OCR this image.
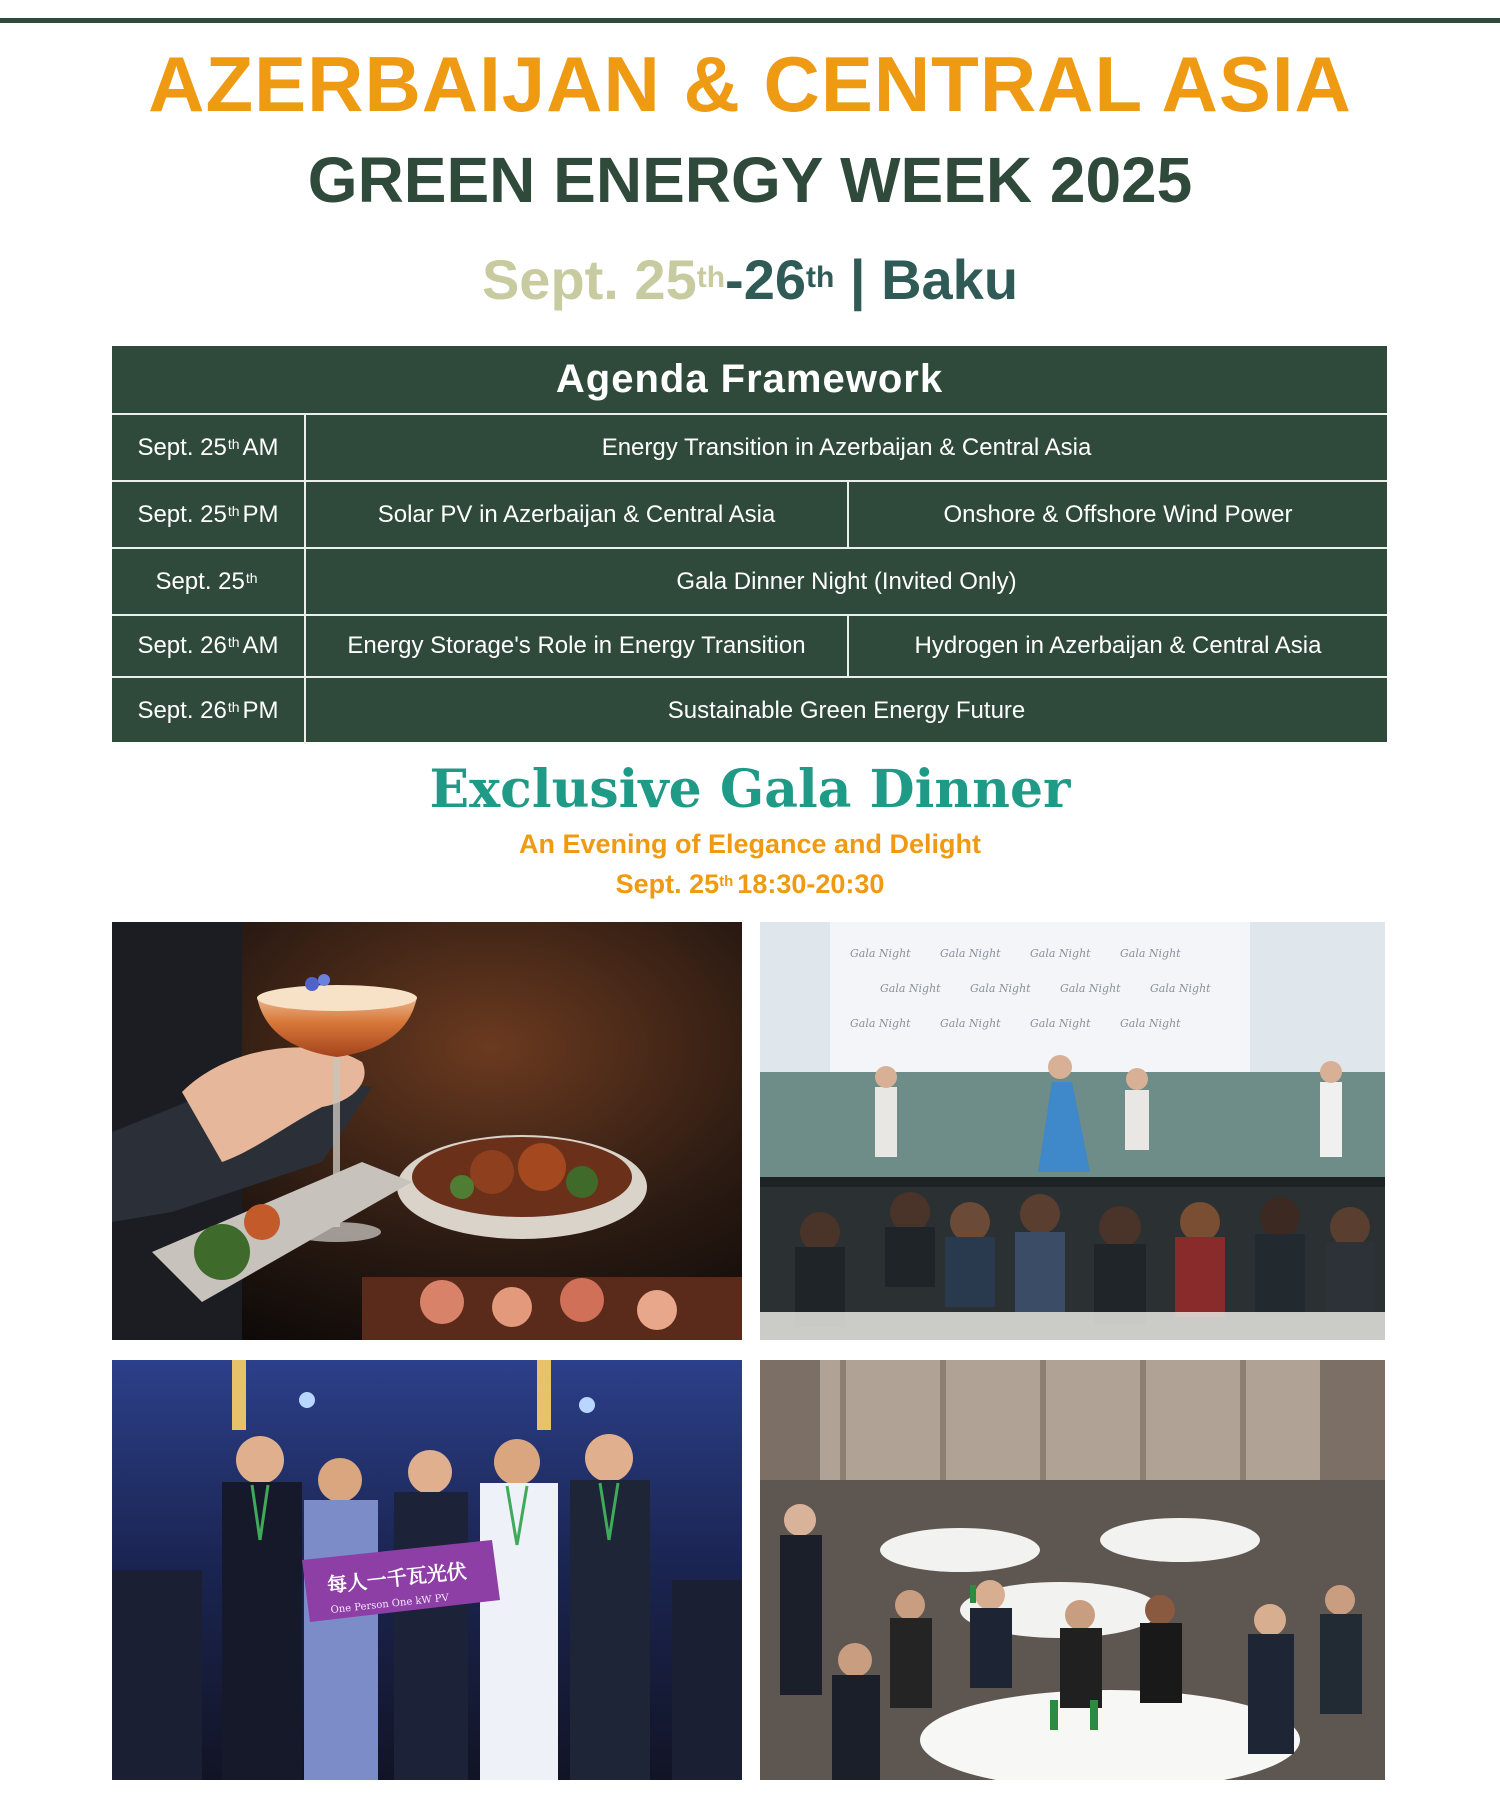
AZERBAIJAN & CENTRAL ASIA
GREEN ENERGY WEEK 2025
Sept. 25th-26th | Baku
Agenda Framework
Sept. 25th AM	Energy Transition in Azerbaijan & Central Asia
Sept. 25th PM	Solar PV in Azerbaijan & Central Asia	Onshore & Offshore Wind Power
Sept. 25th	Gala Dinner Night (Invited Only)
Sept. 26th AM	Energy Storage's Role in Energy Transition	Hydrogen in Azerbaijan & Central Asia
Sept. 26th PM	Sustainable Green Energy Future
Exclusive Gala Dinner
An Evening of Elegance and Delight
Sept. 25th 18:30-20:30
Gala Night	Gala Night	Gala Night	Gala Night
Gala Night	Gala Night	Gala Night	Gala Night
Gala Night	Gala Night	Gala Night	Gala Night
每人一千瓦光伏
One Person One kW PV
